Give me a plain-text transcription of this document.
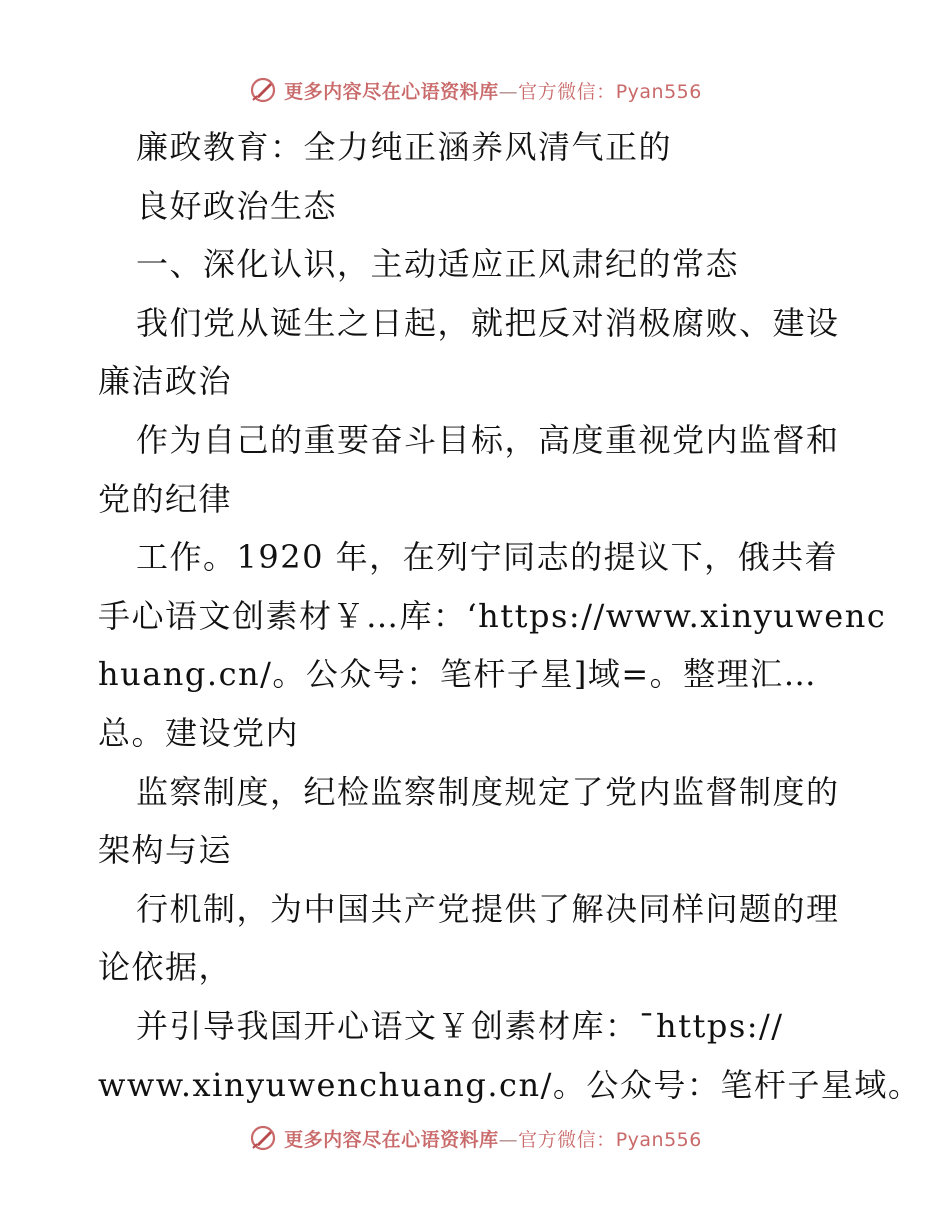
更多内容尽在心语资料库—官方微信：Pyan556
廉政教育：全力纯正涵养风清气正的
良好政治生态
一、深化认识，主动适应正风肃纪的常态
我们党从诞生之日起，就把反对消极腐败、建设
廉洁政治
作为自己的重要奋斗目标，高度重视党内监督和
党的纪律
工作。1920 年，在列宁同志的提议下，俄共着
手心语文创素材￥…库：‘https://www.xinyuwenc
huang.cn/。公众号：笔杆子星]域=。整理汇…
总。建设党内
监察制度，纪检监察制度规定了党内监督制度的
架构与运
行机制，为中国共产党提供了解决同样问题的理
论依据，
并引导我国开心语文￥创素材库：¯https://
www.xinyuwenchuang.cn/。公众号：笔杆子星域。
更多内容尽在心语资料库—官方微信：Pyan556
